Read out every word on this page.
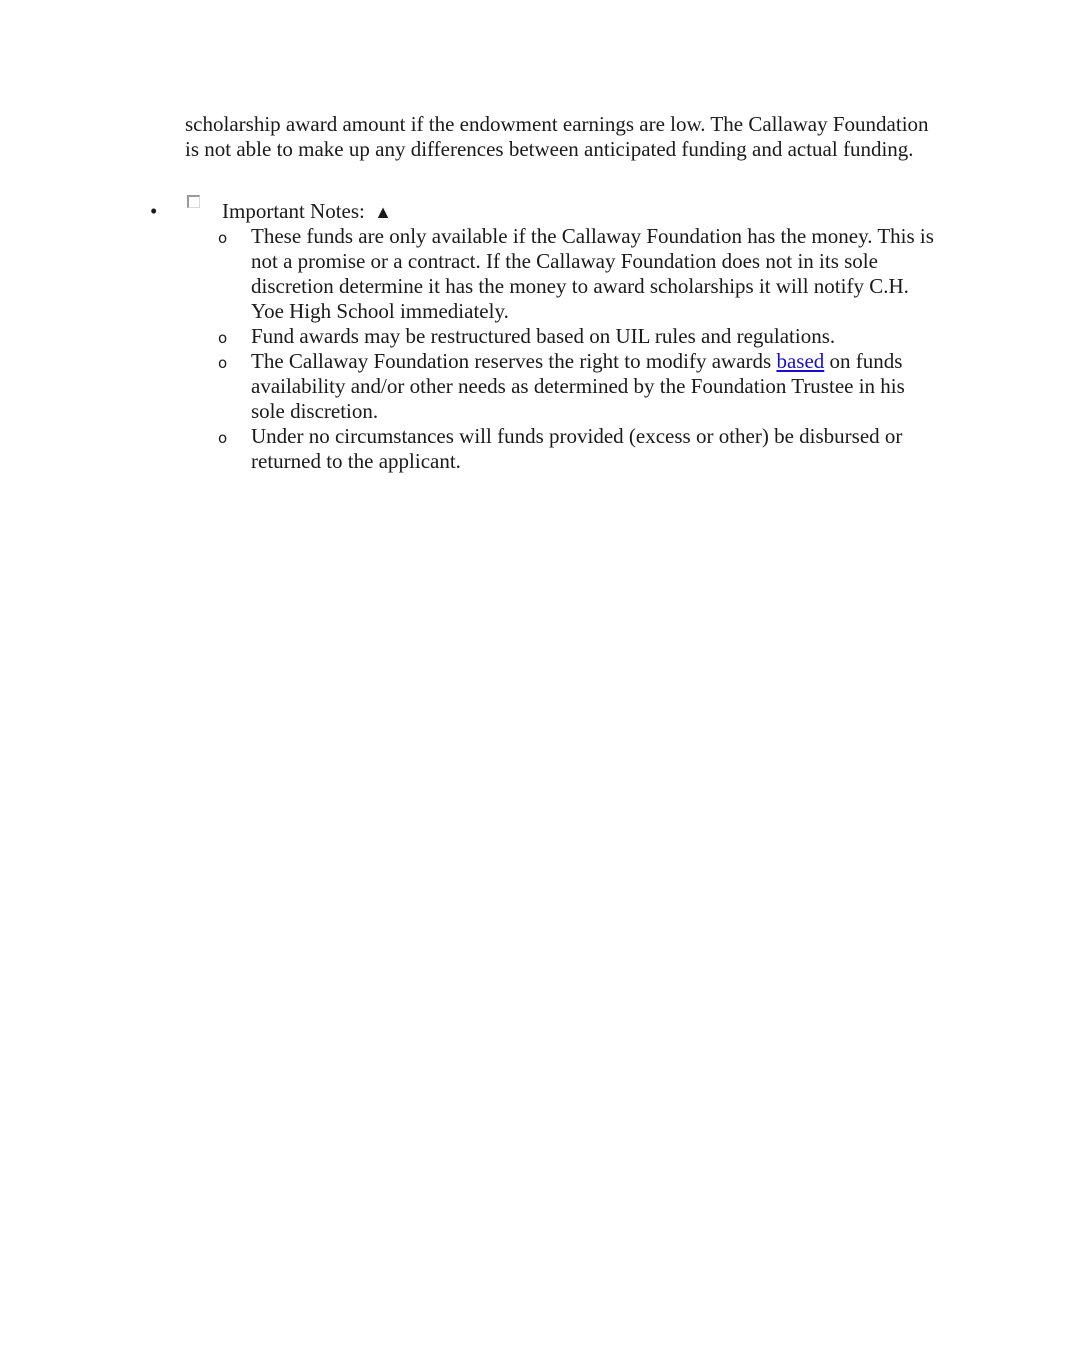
scholarship award amount if the endowment earnings are low. The Callaway Foundation

is not able to make up any differences between anticipated funding and actual funding.

•	Important Notes: ▲
o These funds are only available if the Callaway Foundation has the money. This is
not a promise or a contract. If the Callaway Foundation does not in its sole
discretion determine it has the money to award scholarships it will notify C.H.
Yoe High School immediately.
o Fund awards may be restructured based on UIL rules and regulations.
o The Callaway Foundation reserves the right to modify awards based on funds
availability and/or other needs as determined by the Foundation Trustee in his
sole discretion.
o Under no circumstances will funds provided (excess or other) be disbursed or
returned to the applicant.
